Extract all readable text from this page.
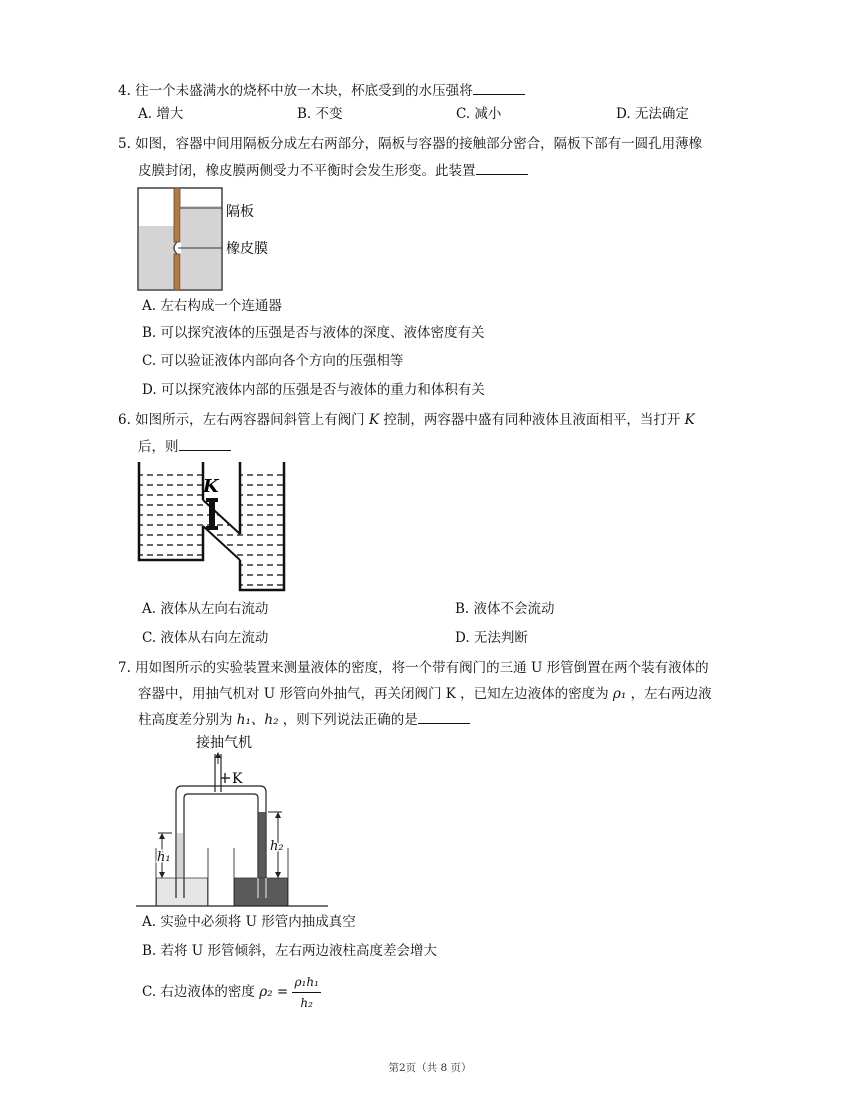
4. 往一个未盛满水的烧杯中放一木块，杯底受到的水压强将
A. 增大	B. 不变	C. 减小	D. 无法确定
5. 如图，容器中间用隔板分成左右两部分，隔板与容器的接触部分密合，隔板下部有一圆孔用薄橡
皮膜封闭，橡皮膜两侧受力不平衡时会发生形变。此装置
隔板
橡皮膜
A. 左右构成一个连通器
B. 可以探究液体的压强是否与液体的深度、液体密度有关
C. 可以验证液体内部向各个方向的压强相等
D. 可以探究液体内部的压强是否与液体的重力和体积有关
6. 如图所示，左右两容器间斜管上有阀门 K 控制，两容器中盛有同种液体且液面相平，当打开 K
后，则
K
A. 液体从左向右流动	B. 液体不会流动
C. 液体从右向左流动	D. 无法判断
7. 用如图所示的实验装置来测量液体的密度，将一个带有阀门的三通 U 形管倒置在两个装有液体的
容器中，用抽气机对 U 形管向外抽气，再关闭阀门 K ，已知左边液体的密度为 ρ₁ ，左右两边液
柱高度差分别为 h₁、h₂ ，则下列说法正确的是
接抽气机
K
h₁
h₂
A. 实验中必须将 U 形管内抽成真空
B. 若将 U 形管倾斜，左右两边液柱高度差会增大
C. 右边液体的密度 $\rho_2 = \frac{\text{ρ₁h₁}}{\text{h₂}}$
第2页（共 8 页）
